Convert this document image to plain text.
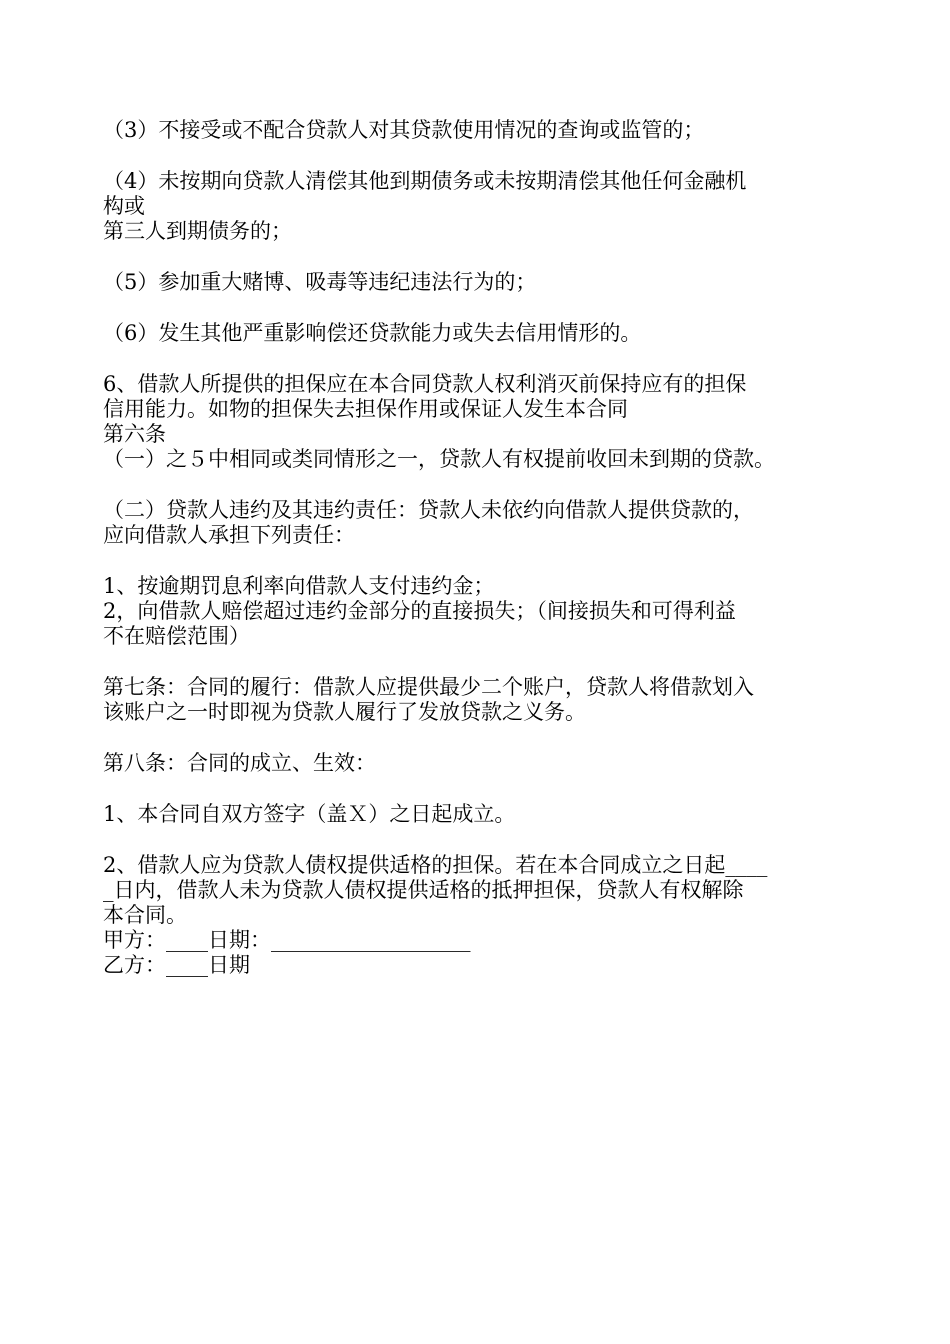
（3）不接受或不配合贷款人对其贷款使用情况的查询或监管的；
（4）未按期向贷款人清偿其他到期债务或未按期清偿其他任何金融机
构或
第三人到期债务的；
（5）参加重大赌博、吸毒等违纪违法行为的；
（6）发生其他严重影响偿还贷款能力或失去信用情形的。
6、借款人所提供的担保应在本合同贷款人权利消灭前保持应有的担保
信用能力。如物的担保失去担保作用或保证人发生本合同
第六条
（一）之５中相同或类同情形之一，贷款人有权提前收回未到期的贷款。
（二）贷款人违约及其违约责任：贷款人未依约向借款人提供贷款的，
应向借款人承担下列责任：
1、按逾期罚息利率向借款人支付违约金；
2，向借款人赔偿超过违约金部分的直接损失；（间接损失和可得利益
不在赔偿范围）
第七条：合同的履行：借款人应提供最少二个账户，贷款人将借款划入
该账户之一时即视为贷款人履行了发放贷款之义务。
第八条：合同的成立、生效：
1、本合同自双方签字（盖Ｘ）之日起成立。
2、借款人应为贷款人债权提供适格的担保。若在本合同成立之日起____
_日内，借款人未为贷款人债权提供适格的抵押担保，贷款人有权解除
本合同。
甲方：____日期：___________________
乙方：____日期
